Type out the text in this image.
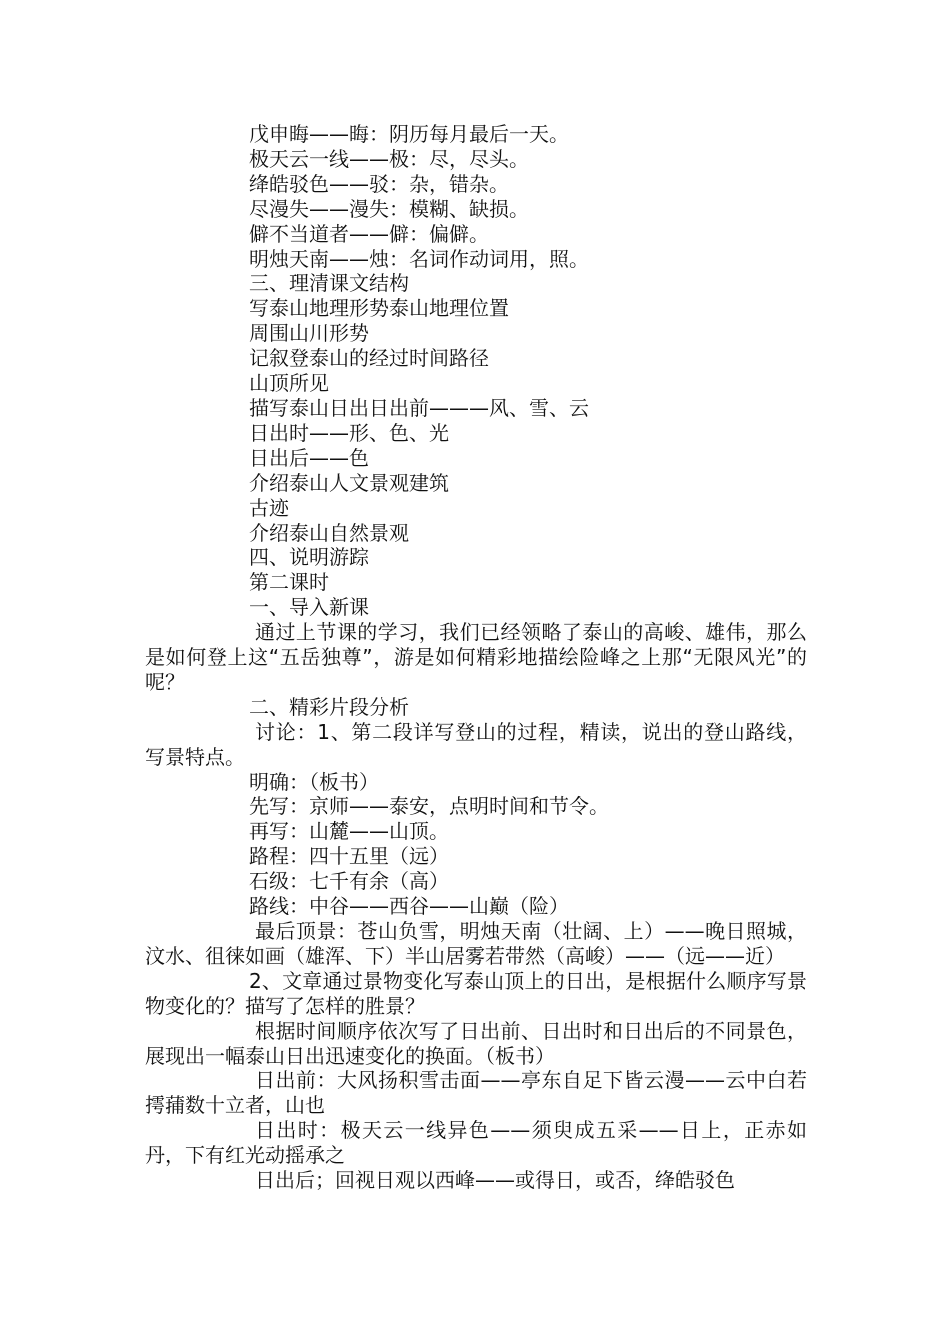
戊申晦——晦：阴历每月最后一天。
极天云一线——极：尽，尽头。
绛皓驳色——驳：杂，错杂。
尽漫失——漫失：模糊、缺损。
僻不当道者——僻：偏僻。
明烛天南——烛：名词作动词用，照。
三、理清课文结构
写泰山地理形势泰山地理位置
周围山川形势
记叙登泰山的经过时间路径
山顶所见
描写泰山日出日出前———风、雪、云
日出时——形、色、光
日出后——色
介绍泰山人文景观建筑
古迹
介绍泰山自然景观
四、说明游踪
第二课时
一、导入新课
通过上节课的学习，我们已经领略了泰山的高峻、雄伟，那么是如何登上这“五岳独尊”，游是如何精彩地描绘险峰之上那“无限风光”的呢？
二、精彩片段分析
讨论：1、第二段详写登山的过程，精读，说出的登山路线，写景特点。
明确：（板书）
先写：京师——泰安，点明时间和节令。
再写：山麓——山顶。
路程：四十五里（远）
石级：七千有余（高）
路线：中谷——西谷——山巅（险）
最后顶景：苍山负雪，明烛天南（壮阔、上）——晚日照城，汶水、徂徕如画（雄浑、下）半山居雾若带然（高峻）——（远——近）
2、文章通过景物变化写泰山顶上的日出，是根据什么顺序写景物变化的？描写了怎样的胜景？
根据时间顺序依次写了日出前、日出时和日出后的不同景色，展现出一幅泰山日出迅速变化的换面。（板书）
日出前：大风扬积雪击面——亭东自足下皆云漫——云中白若摴蒱数十立者，山也
日出时：极天云一线异色——须臾成五采——日上，正赤如丹，下有红光动摇承之
日出后；回视日观以西峰——或得日，或否，绛皓驳色
